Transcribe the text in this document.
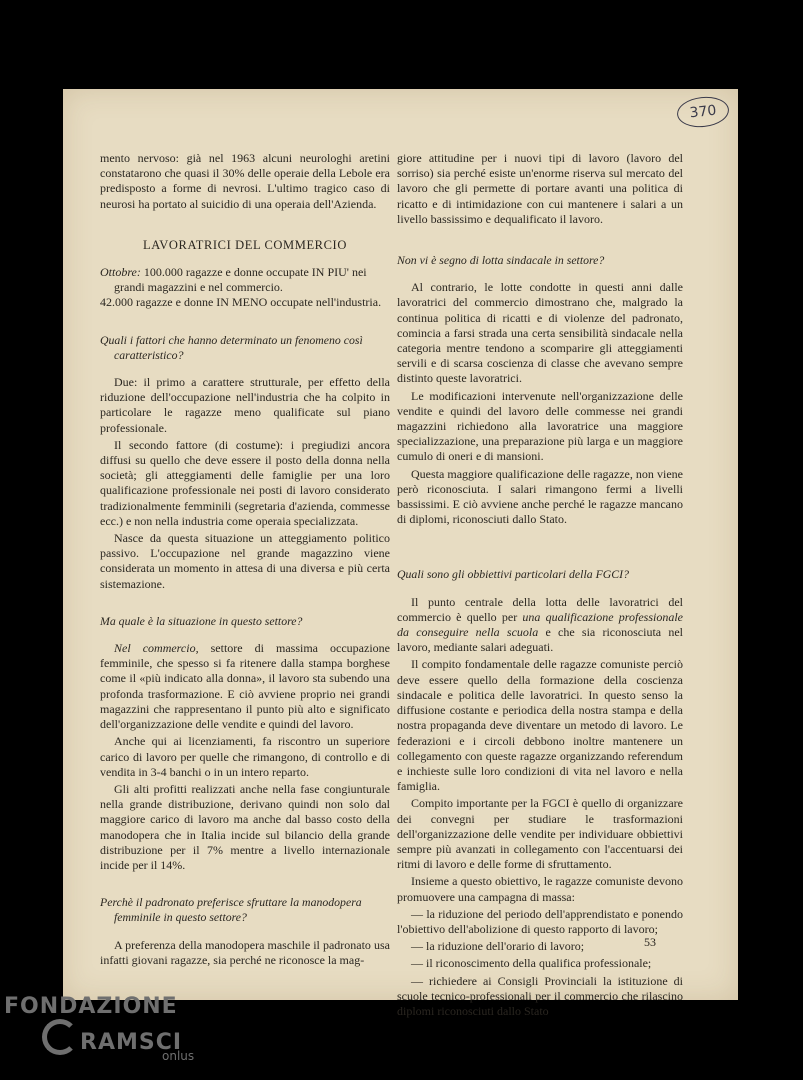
370

mento nervoso: già nel 1963 alcuni neurologhi aretini constatarono che quasi il 30% delle operaie della Lebole era predisposto a forme di nevrosi. L'ultimo tragico caso di neurosi ha portato al suicidio di una operaia dell'Azienda.

LAVORATRICI DEL COMMERCIO
Ottobre: 100.000 ragazze e donne occupate IN PIU' nei
grandi magazzini e nel commercio.
42.000 ragazze e donne IN MENO occupate nell'industria.
Quali i fattori che hanno determinato un fenomeno così
caratteristico?

Due: il primo a carattere strutturale, per effetto della riduzione dell'occupazione nell'industria che ha colpito in particolare le ragazze meno qualificate sul piano professionale.

Il secondo fattore (di costume): i pregiudizi ancora diffusi su quello che deve essere il posto della donna nella società; gli atteggiamenti delle famiglie per una loro qualificazione professionale nei posti di lavoro considerato tradizionalmente femminili (segretaria d'azienda, commesse ecc.) e non nella industria come operaia specializzata.

Nasce da questa situazione un atteggiamento politico passivo. L'occupazione nel grande magazzino viene considerata un momento in attesa di una diversa e più certa sistemazione.

Ma quale è la situazione in questo settore?

Nel commercio, settore di massima occupazione femminile, che spesso si fa ritenere dalla stampa borghese come il «più indicato alla donna», il lavoro sta subendo una profonda trasformazione. E ciò avviene proprio nei grandi magazzini che rappresentano il punto più alto e significato dell'organizzazione delle vendite e quindi del lavoro.

Anche qui ai licenziamenti, fa riscontro un superiore carico di lavoro per quelle che rimangono, di controllo e di vendita in 3-4 banchi o in un intero reparto.

Gli alti profitti realizzati anche nella fase congiunturale nella grande distribuzione, derivano quindi non solo dal maggiore carico di lavoro ma anche dal basso costo della manodopera che in Italia incide sul bilancio della grande distribuzione per il 7% mentre a livello internazionale incide per il 14%.

Perchè il padronato preferisce sfruttare la manodopera
femminile in questo settore?

A preferenza della manodopera maschile il padronato usa infatti giovani ragazze, sia perché ne riconosce la mag-

giore attitudine per i nuovi tipi di lavoro (lavoro del sorriso) sia perché esiste un'enorme riserva sul mercato del lavoro che gli permette di portare avanti una politica di ricatto e di intimidazione con cui mantenere i salari a un livello bassissimo e dequalificato il lavoro.

Non vi è segno di lotta sindacale in settore?

Al contrario, le lotte condotte in questi anni dalle lavoratrici del commercio dimostrano che, malgrado la continua politica di ricatti e di violenze del padronato, comincia a farsi strada una certa sensibilità sindacale nella categoria mentre tendono a scomparire gli atteggiamenti servili e di scarsa coscienza di classe che avevano sempre distinto queste lavoratrici.

Le modificazioni intervenute nell'organizzazione delle vendite e quindi del lavoro delle commesse nei grandi magazzini richiedono alla lavoratrice una maggiore specializzazione, una preparazione più larga e un maggiore cumulo di oneri e di mansioni.

Questa maggiore qualificazione delle ragazze, non viene però riconosciuta. I salari rimangono fermi a livelli bassissimi. E ciò avviene anche perché le ragazze mancano di diplomi, riconosciuti dallo Stato.

Quali sono gli obbiettivi particolari della FGCI?

Il punto centrale della lotta delle lavoratrici del commercio è quello per una qualificazione professionale da conseguire nella scuola e che sia riconosciuta nel lavoro, mediante salari adeguati.

Il compito fondamentale delle ragazze comuniste perciò deve essere quello della formazione della coscienza sindacale e politica delle lavoratrici. In questo senso la diffusione costante e periodica della nostra stampa e della nostra propaganda deve diventare un metodo di lavoro. Le federazioni e i circoli debbono inoltre mantenere un collegamento con queste ragazze organizzando referendum e inchieste sulle loro condizioni di vita nel lavoro e nella famiglia.

Compito importante per la FGCI è quello di organizzare dei convegni per studiare le trasformazioni dell'organizzazione delle vendite per individuare obbiettivi sempre più avanzati in collegamento con l'accentuarsi dei ritmi di lavoro e delle forme di sfruttamento.

Insieme a questo obiettivo, le ragazze comuniste devono promuovere una campagna di massa:

— la riduzione del periodo dell'apprendistato e ponendo l'obiettivo dell'abolizione di questo rapporto di lavoro;

— la riduzione dell'orario di lavoro;

— il riconoscimento della qualifica professionale;

— richiedere ai Consigli Provinciali la istituzione di scuole tecnico-professionali per il commercio che rilascino diplomi riconosciuti dallo Stato

53
FONDAZIONE
RAMSCI
onlus
